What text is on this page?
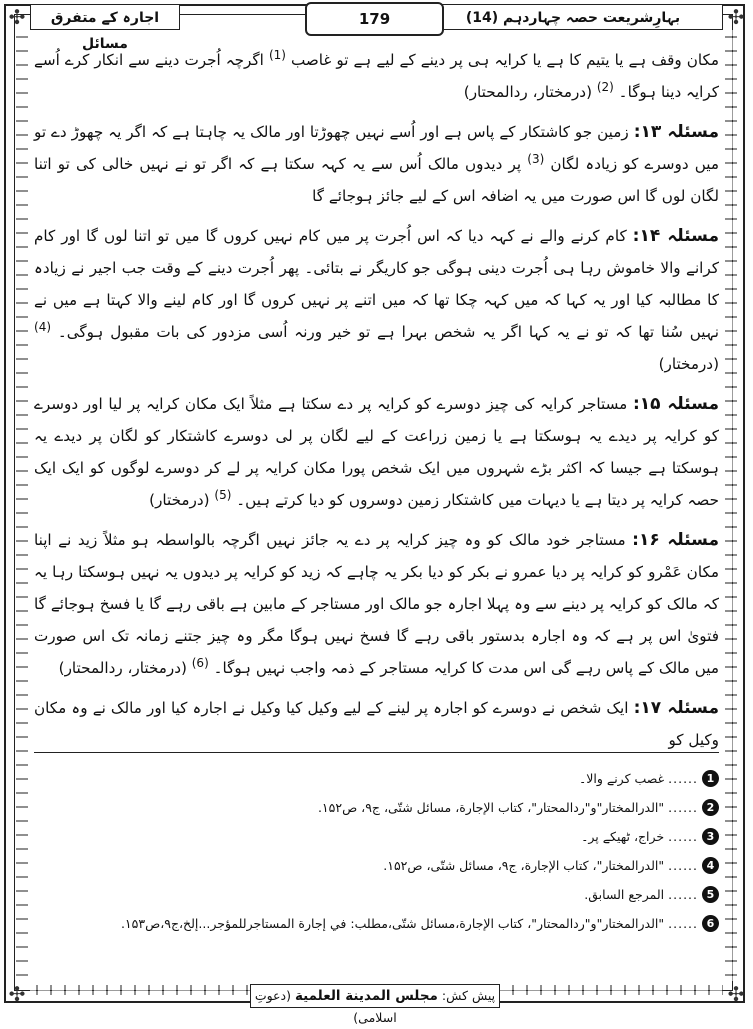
✣	✣
✣	✣
بہارِشریعت حصہ چہاردہم (14)
179
اجارہ کے متفرق مسائل

مکان وقف ہے یا یتیم کا ہے یا کرایہ ہی پر دینے کے لیے ہے تو غاصب $^{(1)}$ اگرچہ اُجرت دینے سے انکار کرے اُسے کرایہ دینا ہوگا۔ $^{(2)}$ (درمختار، ردالمحتار)

مسئلہ ۱۳: زمین جو کاشتکار کے پاس ہے اور اُسے نہیں چھوڑتا اور مالک یہ چاہتا ہے کہ اگر یہ چھوڑ دے تو میں دوسرے کو زیادہ لگان $^{(3)}$ پر دیدوں مالک اُس سے یہ کہہ سکتا ہے کہ اگر تو نے نہیں خالی کی تو اتنا لگان لوں گا اس صورت میں یہ اضافہ اس کے لیے جائز ہوجائے گا

مسئلہ ۱۴: کام کرنے والے نے کہہ دیا کہ اس اُجرت پر میں کام نہیں کروں گا میں تو اتنا لوں گا اور کام کرانے والا خاموش رہا ہی اُجرت دینی ہوگی جو کاریگر نے بتائی۔ پھر اُجرت دینے کے وقت جب اجیر نے زیادہ کا مطالبہ کیا اور یہ کہا کہ میں کہہ چکا تھا کہ میں اتنے پر نہیں کروں گا اور کام لینے والا کہتا ہے میں نے نہیں سُنا تھا کہ تو نے یہ کہا اگر یہ شخص بہرا ہے تو خیر ورنہ اُسی مزدور کی بات مقبول ہوگی۔ $^{(4)}$ (درمختار)

مسئلہ ۱۵: مستاجر کرایہ کی چیز دوسرے کو کرایہ پر دے سکتا ہے مثلاً ایک مکان کرایہ پر لیا اور دوسرے کو کرایہ پر دیدے یہ ہوسکتا ہے یا زمین زراعت کے لیے لگان پر لی دوسرے کاشتکار کو لگان پر دیدے یہ ہوسکتا ہے جیسا کہ اکثر بڑے شہروں میں ایک شخص پورا مکان کرایہ پر لے کر دوسرے لوگوں کو ایک ایک حصہ کرایہ پر دیتا ہے یا دیہات میں کاشتکار زمین دوسروں کو دیا کرتے ہیں۔ $^{(5)}$ (درمختار)

مسئلہ ۱۶: مستاجر خود مالک کو وہ چیز کرایہ پر دے یہ جائز نہیں اگرچہ بالواسطہ ہو مثلاً زید نے اپنا مکان عَمْرو کو کرایہ پر دیا عمرو نے بکر کو دیا بکر یہ چاہے کہ زید کو کرایہ پر دیدوں یہ نہیں ہوسکتا رہا یہ کہ مالک کو کرایہ پر دینے سے وہ پہلا اجارہ جو مالک اور مستاجر کے مابین ہے باقی رہے گا یا فسخ ہوجائے گا فتویٰ اس پر ہے کہ وہ اجارہ بدستور باقی رہے گا فسخ نہیں ہوگا مگر وہ چیز جتنے زمانہ تک اس صورت میں مالک کے پاس رہے گی اس مدت کا کرایہ مستاجر کے ذمہ واجب نہیں ہوگا۔ $^{(6)}$ (درمختار، ردالمحتار)

مسئلہ ۱۷: ایک شخص نے دوسرے کو اجارہ پر لینے کے لیے وکیل کیا وکیل نے اجارہ کیا اور مالک نے وہ مکان وکیل کو

1
......
غصب کرنے والا۔
2
......
"الدرالمختار"و"ردالمحتار"، كتاب الإجارة، مسائل شتّى، ج۹، ص۱۵۲.
3
......
خراج، ٹھیکے پر۔
4
......
"الدرالمختار"، كتاب الإجارة، ج۹، مسائل شتّى، ص۱۵۲.
5
......
المرجع السابق.
6
......
"الدرالمختار"و"ردالمحتار"، كتاب الإجارة،مسائل شتّى،مطلب: في إجارة المستاجرللمؤجر...إلخ،ج۹،ص۱۵۳.
پیش کش: مجلس المدينة العلمية (دعوتِ اسلامی)
